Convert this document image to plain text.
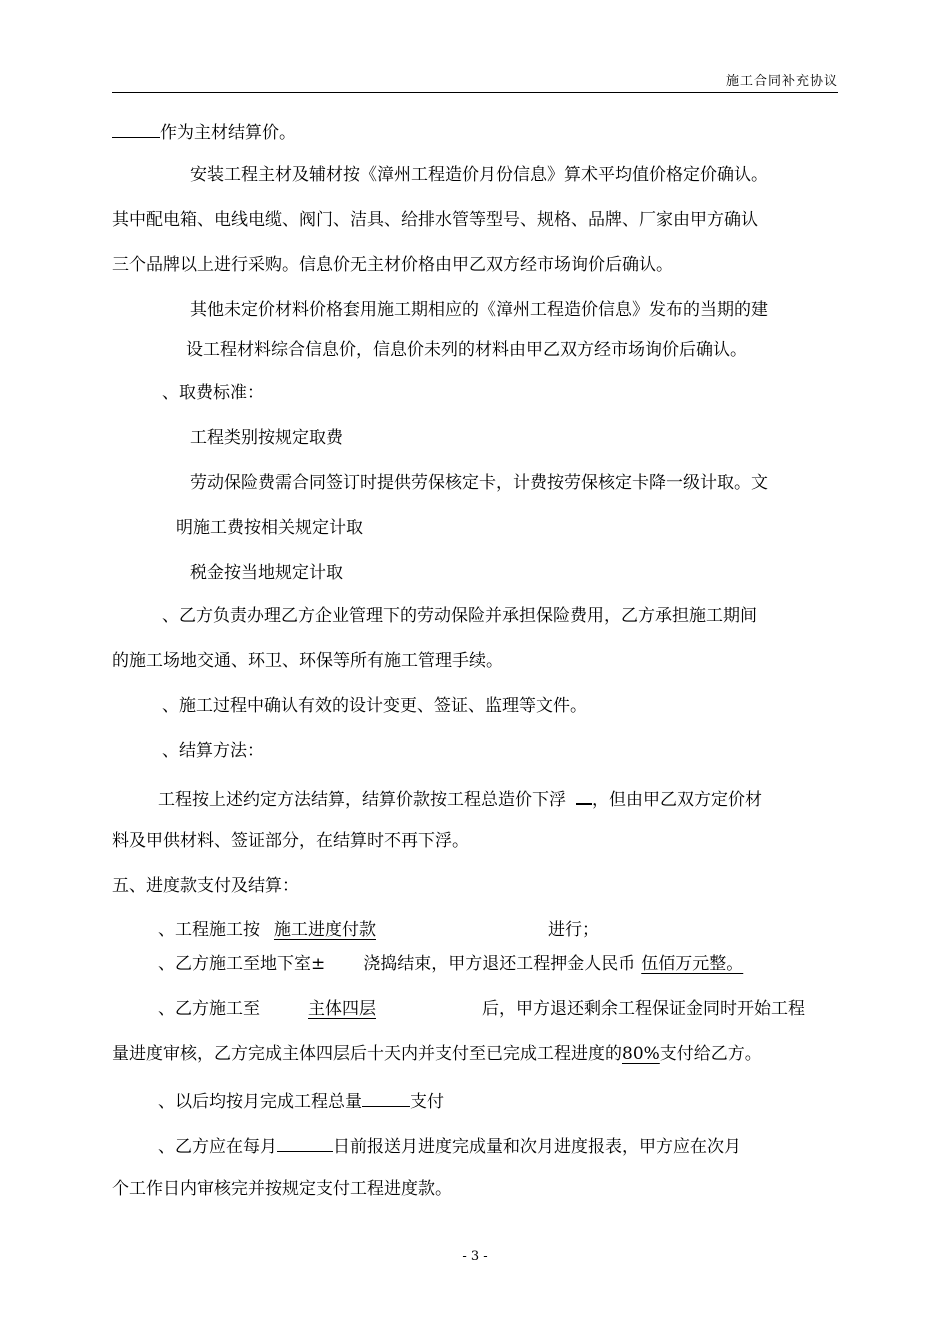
施工合同补充协议
作为主材结算价。
安装工程主材及辅材按《漳州工程造价月份信息》算术平均值价格定价确认。
其中配电箱、电线电缆、阀门、洁具、给排水管等型号、规格、品牌、厂家由甲方确认
三个品牌以上进行采购。信息价无主材价格由甲乙双方经市场询价后确认。
其他未定价材料价格套用施工期相应的《漳州工程造价信息》发布的当期的建
设工程材料综合信息价，信息价未列的材料由甲乙双方经市场询价后确认。
、取费标准：
工程类别按规定取费
劳动保险费需合同签订时提供劳保核定卡，计费按劳保核定卡降一级计取。文
明施工费按相关规定计取
税金按当地规定计取
、乙方负责办理乙方企业管理下的劳动保险并承担保险费用，乙方承担施工期间
的施工场地交通、环卫、环保等所有施工管理手续。
、施工过程中确认有效的设计变更、签证、监理等文件。
、结算方法：
工程按上述约定方法结算，结算价款按工程总造价下浮 ，但由甲乙双方定价材
料及甲供材料、签证部分，在结算时不再下浮。
五、进度款支付及结算：
、工程施工按 施工进度付款	进行；
、乙方施工至地下室± 浇捣结束，甲方退还工程押金人民币 伍佰万元整。
、乙方施工至	主体四层	后，甲方退还剩余工程保证金同时开始工程
量进度审核，乙方完成主体四层后十天内并支付至已完成工程进度的80%支付给乙方。
、以后均按月完成工程总量	支付
、乙方应在每月	日前报送月进度完成量和次月进度报表，甲方应在次月
个工作日内审核完并按规定支付工程进度款。
- 3 -
